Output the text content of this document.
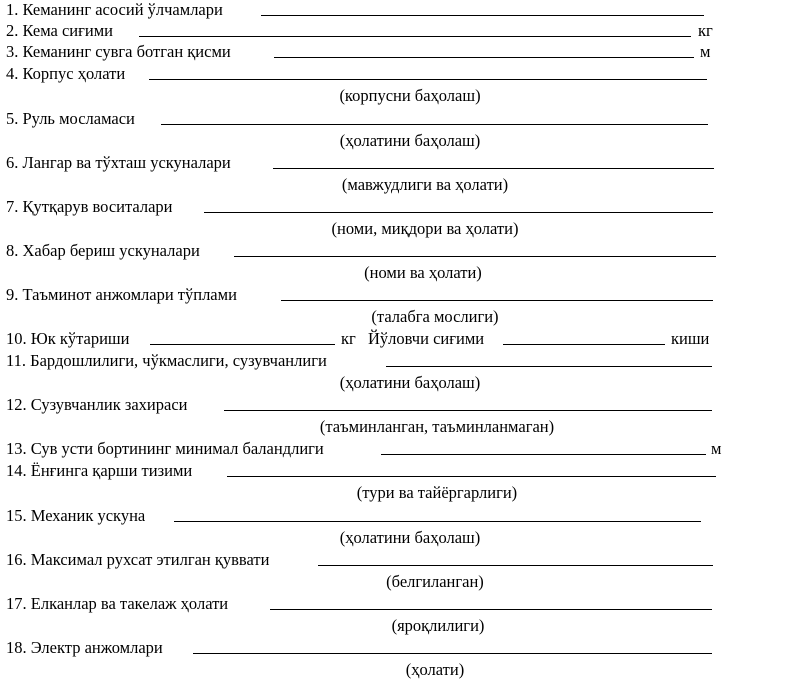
1. Кеманинг асосий ўлчамлари
2. Кема сиғими	кг
3. Кеманинг сувга ботган қисми	м
4. Корпус ҳолати
(корпусни баҳолаш)
5. Руль мосламаси
(ҳолатини баҳолаш)
6. Лангар ва тўхташ ускуналари
(мавжудлиги ва ҳолати)
7. Қутқарув воситалари
(номи, миқдори ва ҳолати)
8. Хабар бериш ускуналари
(номи ва ҳолати)
9. Таъминот анжомлари тўплами
(талабга мослиги)
10. Юк кўтариши	кг Йўловчи сиғими	киши
11. Бардошлилиги, чўкмаслиги, сузувчанлиги
(ҳолатини баҳолаш)
12. Сузувчанлик захираси
(таъминланган, таъминланмаган)
13. Сув усти бортининг минимал баландлиги	м
14. Ёнғинга қарши тизими
(тури ва тайёргарлиги)
15. Механик ускуна
(ҳолатини баҳолаш)
16. Максимал рухсат этилган қуввати
(белгиланган)
17. Елканлар ва такелаж ҳолати
(яроқлилиги)
18. Электр анжомлари
(ҳолати)
